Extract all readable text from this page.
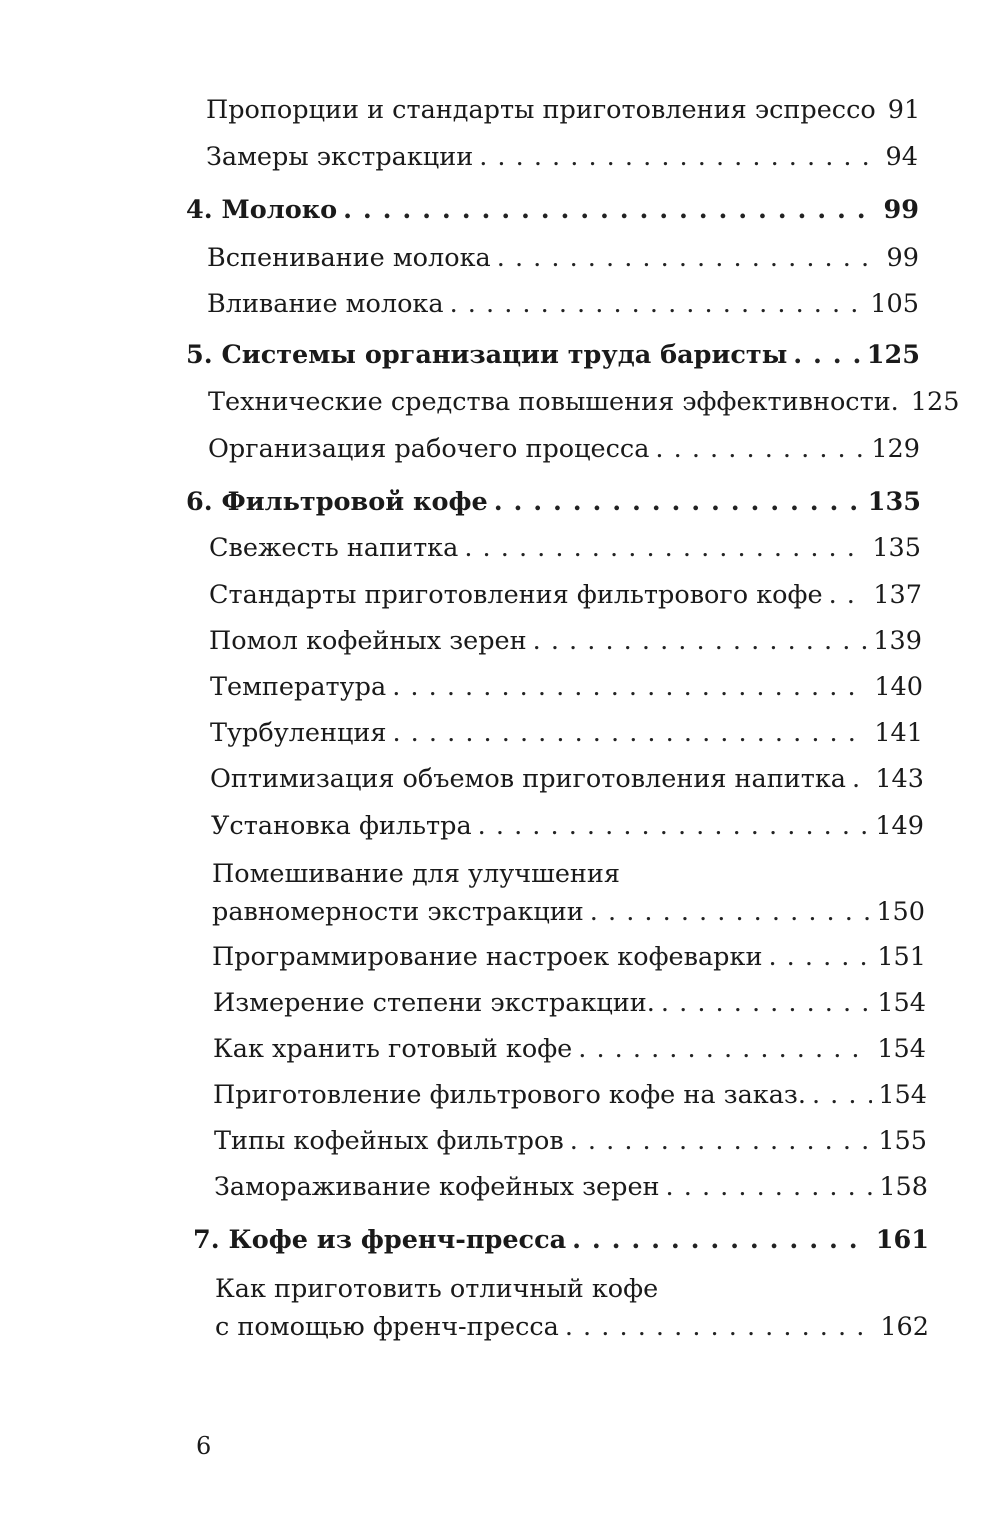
Пропорции и стандарты приготовления эспрессо 91
Замеры экстракции . . .	94
4. Молоко . . .	99
Вспенивание молока . . .	99
Вливание молока . . .	105
5. Системы организации труда баристы . . .	125
Технические средства повышения эффективности. 125
Организация рабочего процесса . . .	129
6. Фильтровой кофе . . .	135
Свежесть напитка . . .	135
Стандарты приготовления фильтрового кофе . . . 137
Помол кофейных зерен . . .	139
Температура . . .	140
Турбуленция . . .	141
Оптимизация объемов приготовления напитка . . . 143
Установка фильтра . . .	149
Помешивание для улучшения
равномерности экстракции . . .	150
Программирование настроек кофеварки . . .	151
Измерение степени экстракции. . . .	154
Как хранить готовый кофе . . .	154
Приготовление фильтрового кофе на заказ. . . .	154
Типы кофейных фильтров . . .	155
Замораживание кофейных зерен . . .	158
7. Кофе из френч-пресса . . .	161
Как приготовить отличный кофе
с помощью френч-пресса . . .	162
6
